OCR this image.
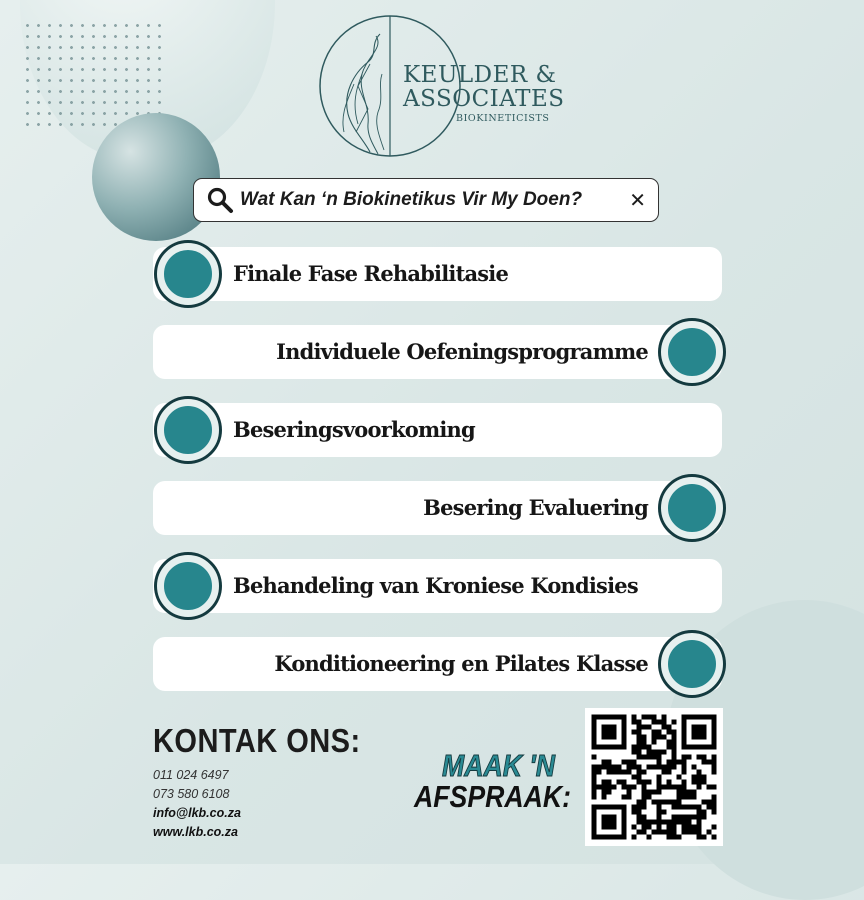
KEULDER &
ASSOCIATES
BIOKINETICISTS
Wat Kan ‘n Biokinetikus Vir My Doen?	✕
Finale Fase Rehabilitasie
Individuele Oefeningsprogramme
Beseringsvoorkoming
Besering Evaluering
Behandeling van Kroniese Kondisies
Konditioneering en Pilates Klasse
KONTAK ONS:
011 024 6497
073 580 6108
info@lkb.co.za
www.lkb.co.za
MAAK 'N
AFSPRAAK:
